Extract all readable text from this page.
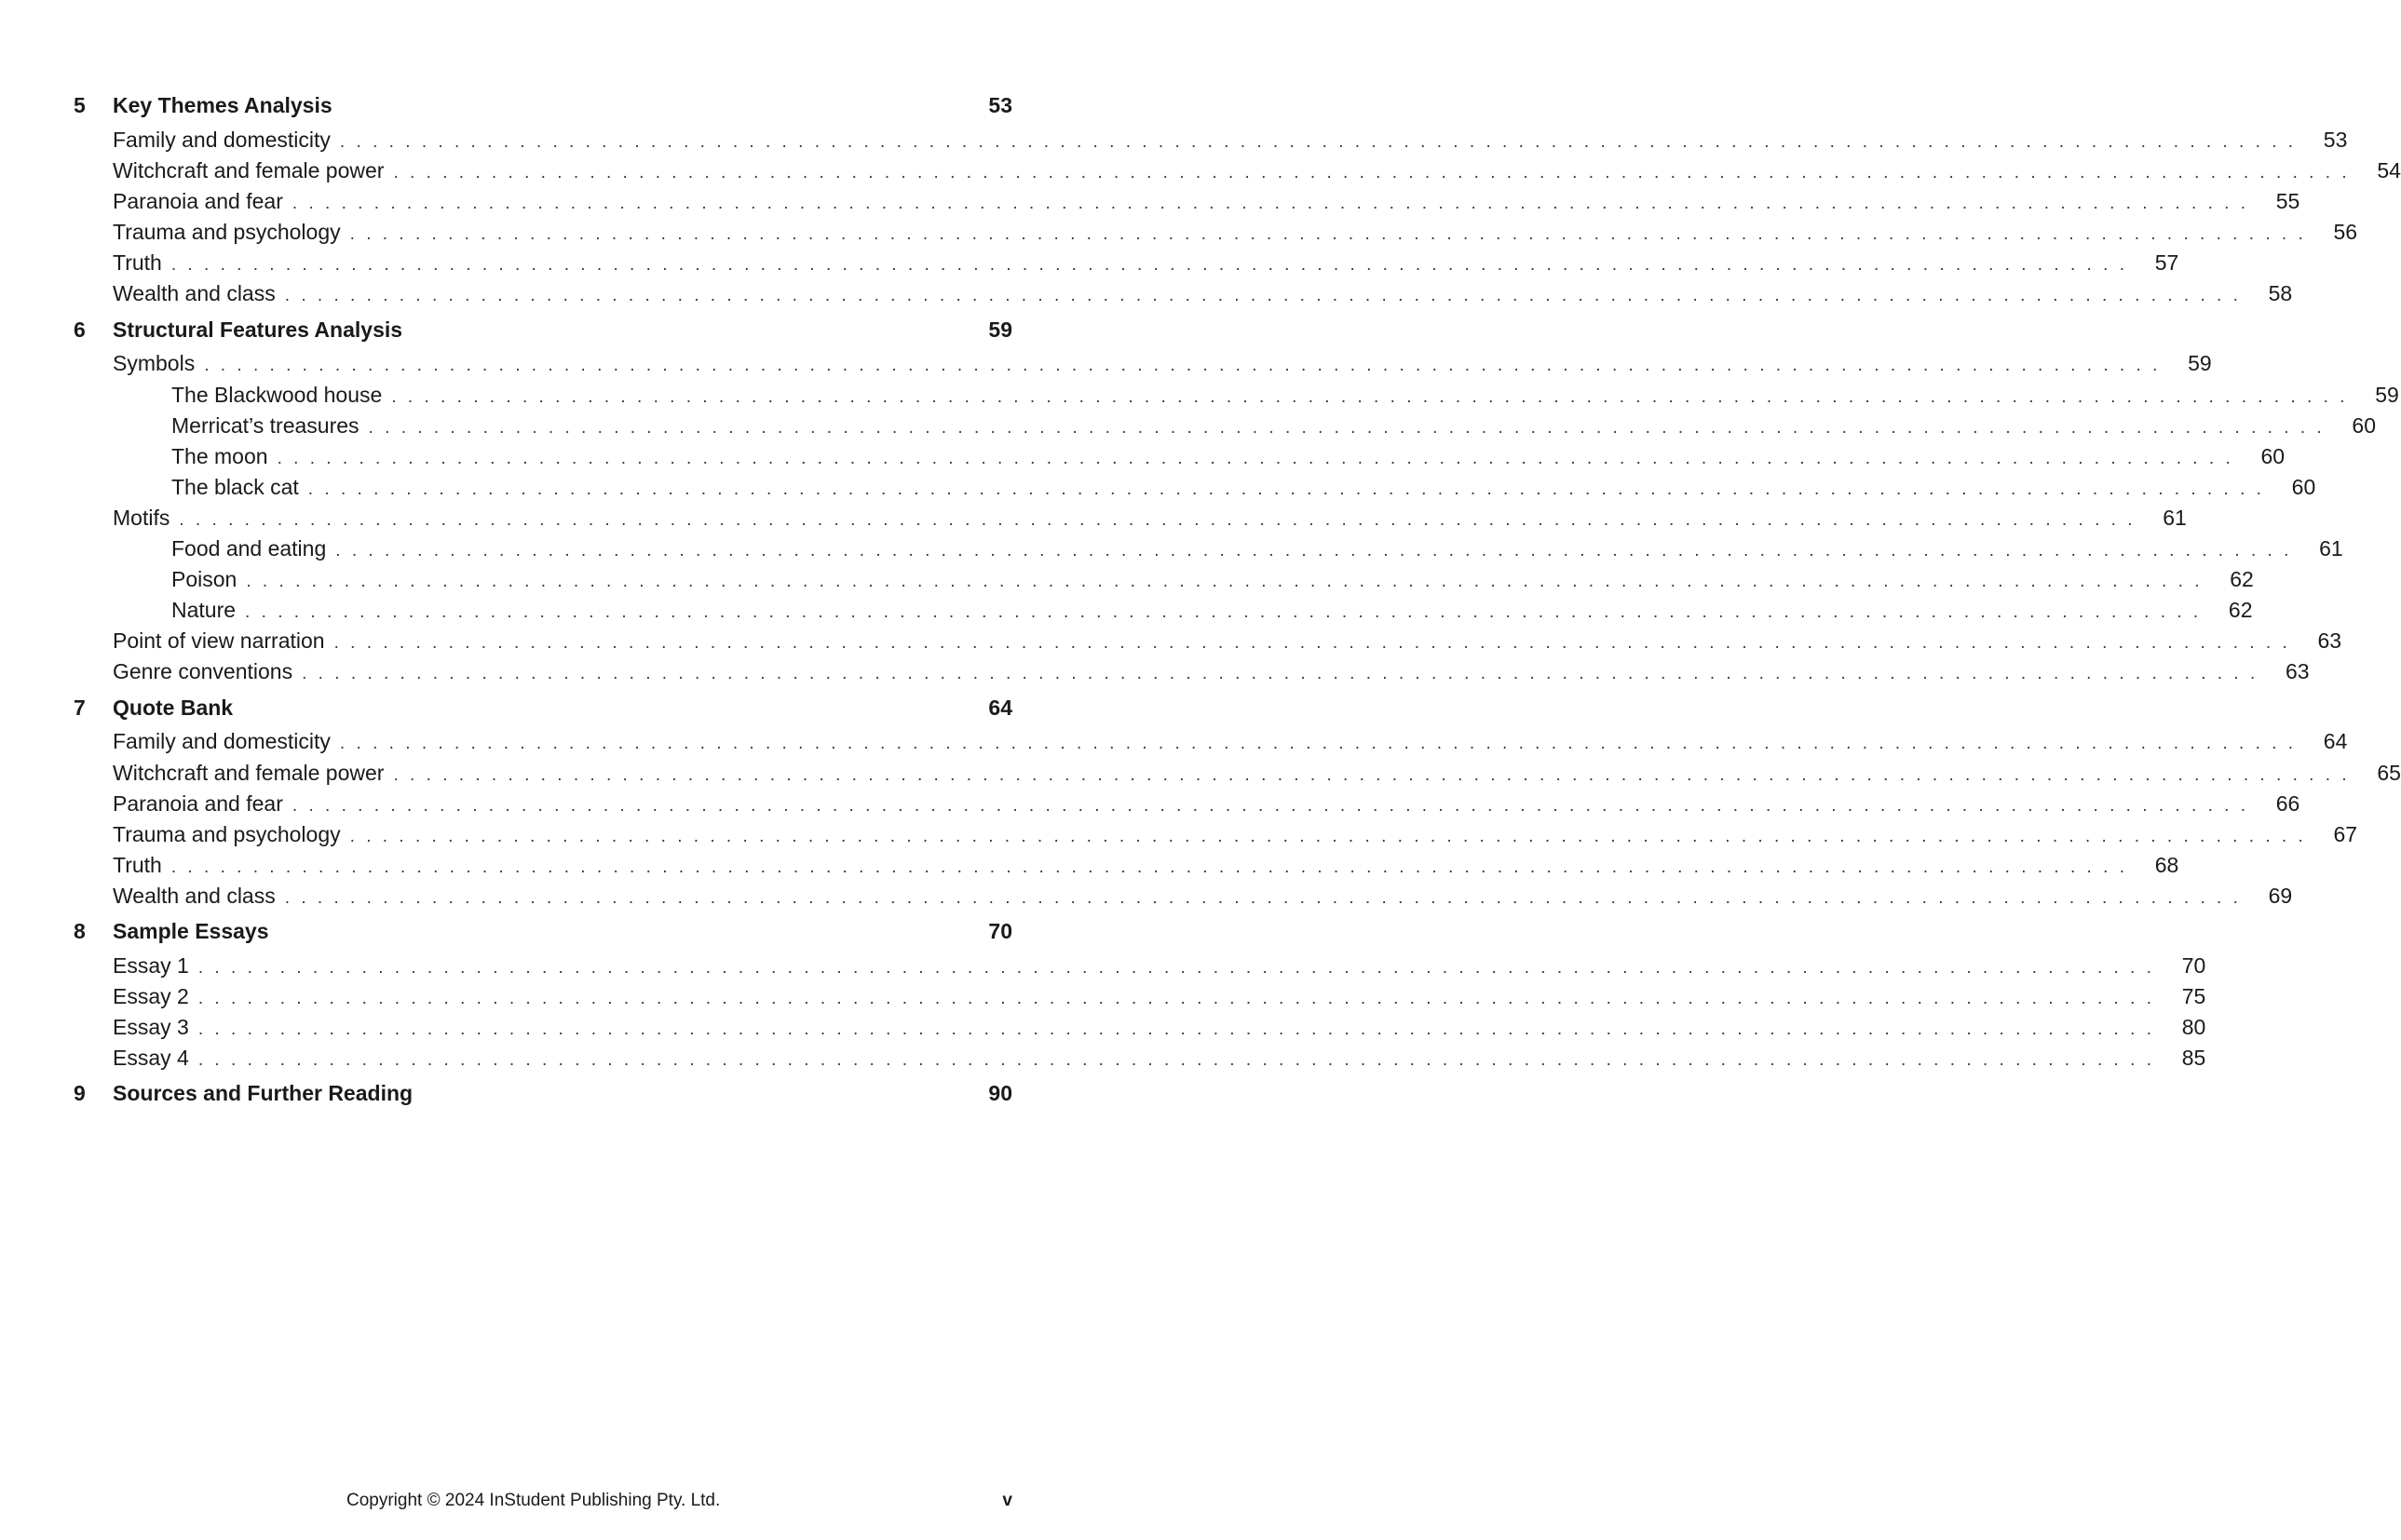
5 Key Themes Analysis	53
Family and domesticity ........................................................................................................................ 53
Witchcraft and female power ........................................................................................................................ 54
Paranoia and fear ........................................................................................................................ 55
Trauma and psychology ........................................................................................................................ 56
Truth ........................................................................................................................ 57
Wealth and class ........................................................................................................................ 58
6 Structural Features Analysis	59
Symbols ........................................................................................................................ 59
The Blackwood house ........................................................................................................................ 59
Merricat’s treasures ........................................................................................................................ 60
The moon ........................................................................................................................ 60
The black cat ........................................................................................................................ 60
Motifs ........................................................................................................................ 61
Food and eating ........................................................................................................................ 61
Poison ........................................................................................................................ 62
Nature ........................................................................................................................ 62
Point of view narration ........................................................................................................................ 63
Genre conventions ........................................................................................................................ 63
7 Quote Bank	64
Family and domesticity ........................................................................................................................ 64
Witchcraft and female power ........................................................................................................................ 65
Paranoia and fear ........................................................................................................................ 66
Trauma and psychology ........................................................................................................................ 67
Truth ........................................................................................................................ 68
Wealth and class ........................................................................................................................ 69
8 Sample Essays	70
Essay 1 ........................................................................................................................ 70
Essay 2 ........................................................................................................................ 75
Essay 3 ........................................................................................................................ 80
Essay 4 ........................................................................................................................ 85
9 Sources and Further Reading	90
Copyright © 2024 InStudent Publishing Pty. Ltd.	v
